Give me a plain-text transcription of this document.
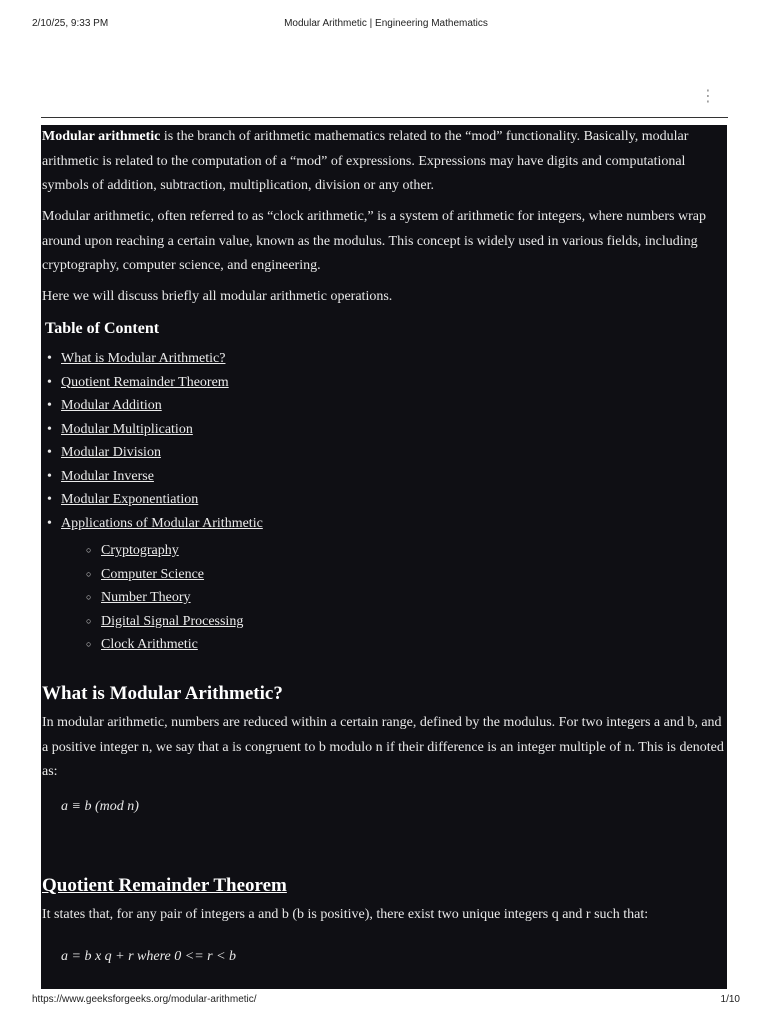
2/10/25, 9:33 PM	Modular Arithmetic | Engineering Mathematics
⋮

Modular arithmetic is the branch of arithmetic mathematics related to the “mod” functionality. Basically, modular arithmetic is related to the computation of a “mod” of expressions. Expressions may have digits and computational symbols of addition, subtraction, multiplication, division or any other.

Modular arithmetic, often referred to as “clock arithmetic,” is a system of arithmetic for integers, where numbers wrap around upon reaching a certain value, known as the modulus. This concept is widely used in various fields, including cryptography, computer science, and engineering.

Here we will discuss briefly all modular arithmetic operations.

Table of Content
• What is Modular Arithmetic?
• Quotient Remainder Theorem
• Modular Addition
• Modular Multiplication
• Modular Division
• Modular Inverse
• Modular Exponentiation
• Applications of Modular Arithmetic
○ Cryptography
○ Computer Science
○ Number Theory
○ Digital Signal Processing
○ Clock Arithmetic
What is Modular Arithmetic?

In modular arithmetic, numbers are reduced within a certain range, defined by the modulus. For two integers a and b, and a positive integer n, we say that a is congruent to b modulo n if their difference is an integer multiple of n. This is denoted as:

a ≡ b (mod n)
Quotient Remainder Theorem

It states that, for any pair of integers a and b (b is positive), there exist two unique integers q and r such that:

a = b x q + r where 0 <= r < b
https://www.geeksforgeeks.org/modular-arithmetic/	1/10
